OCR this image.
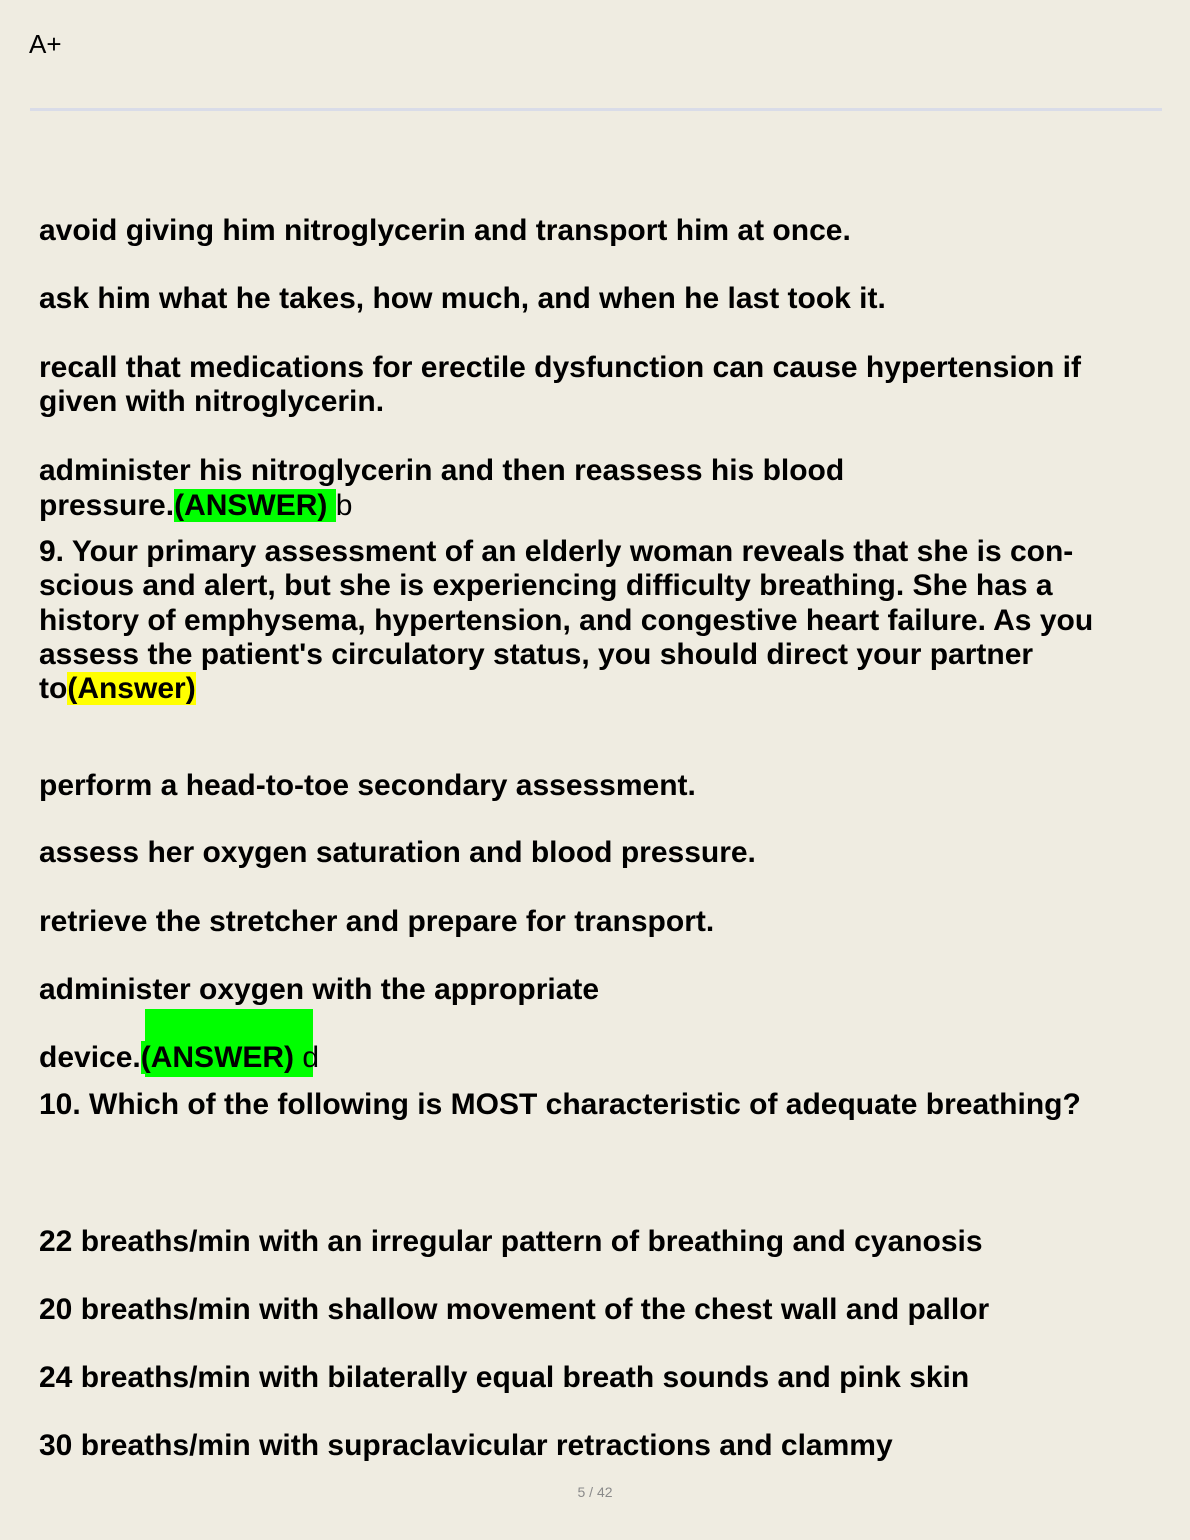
A+
avoid giving him nitroglycerin and transport him at once.
ask him what he takes, how much, and when he last took it.
recall that medications for erectile dysfunction can cause hypertension if
given with nitroglycerin.
administer his nitroglycerin and then reassess his blood
pressure.(ANSWER) b
9. Your primary assessment of an elderly woman reveals that she is con-
scious and alert, but she is experiencing difficulty breathing. She has a
history of emphysema, hypertension, and congestive heart failure. As you
assess the patient's circulatory status, you should direct your partner
to(Answer)
perform a head-to-toe secondary assessment.
assess her oxygen saturation and blood pressure.
retrieve the stretcher and prepare for transport.
administer oxygen with the appropriate
device.(ANSWER) d
10. Which of the following is MOST characteristic of adequate breathing?
22 breaths/min with an irregular pattern of breathing and cyanosis
20 breaths/min with shallow movement of the chest wall and pallor
24 breaths/min with bilaterally equal breath sounds and pink skin
30 breaths/min with supraclavicular retractions and clammy
5 / 42
